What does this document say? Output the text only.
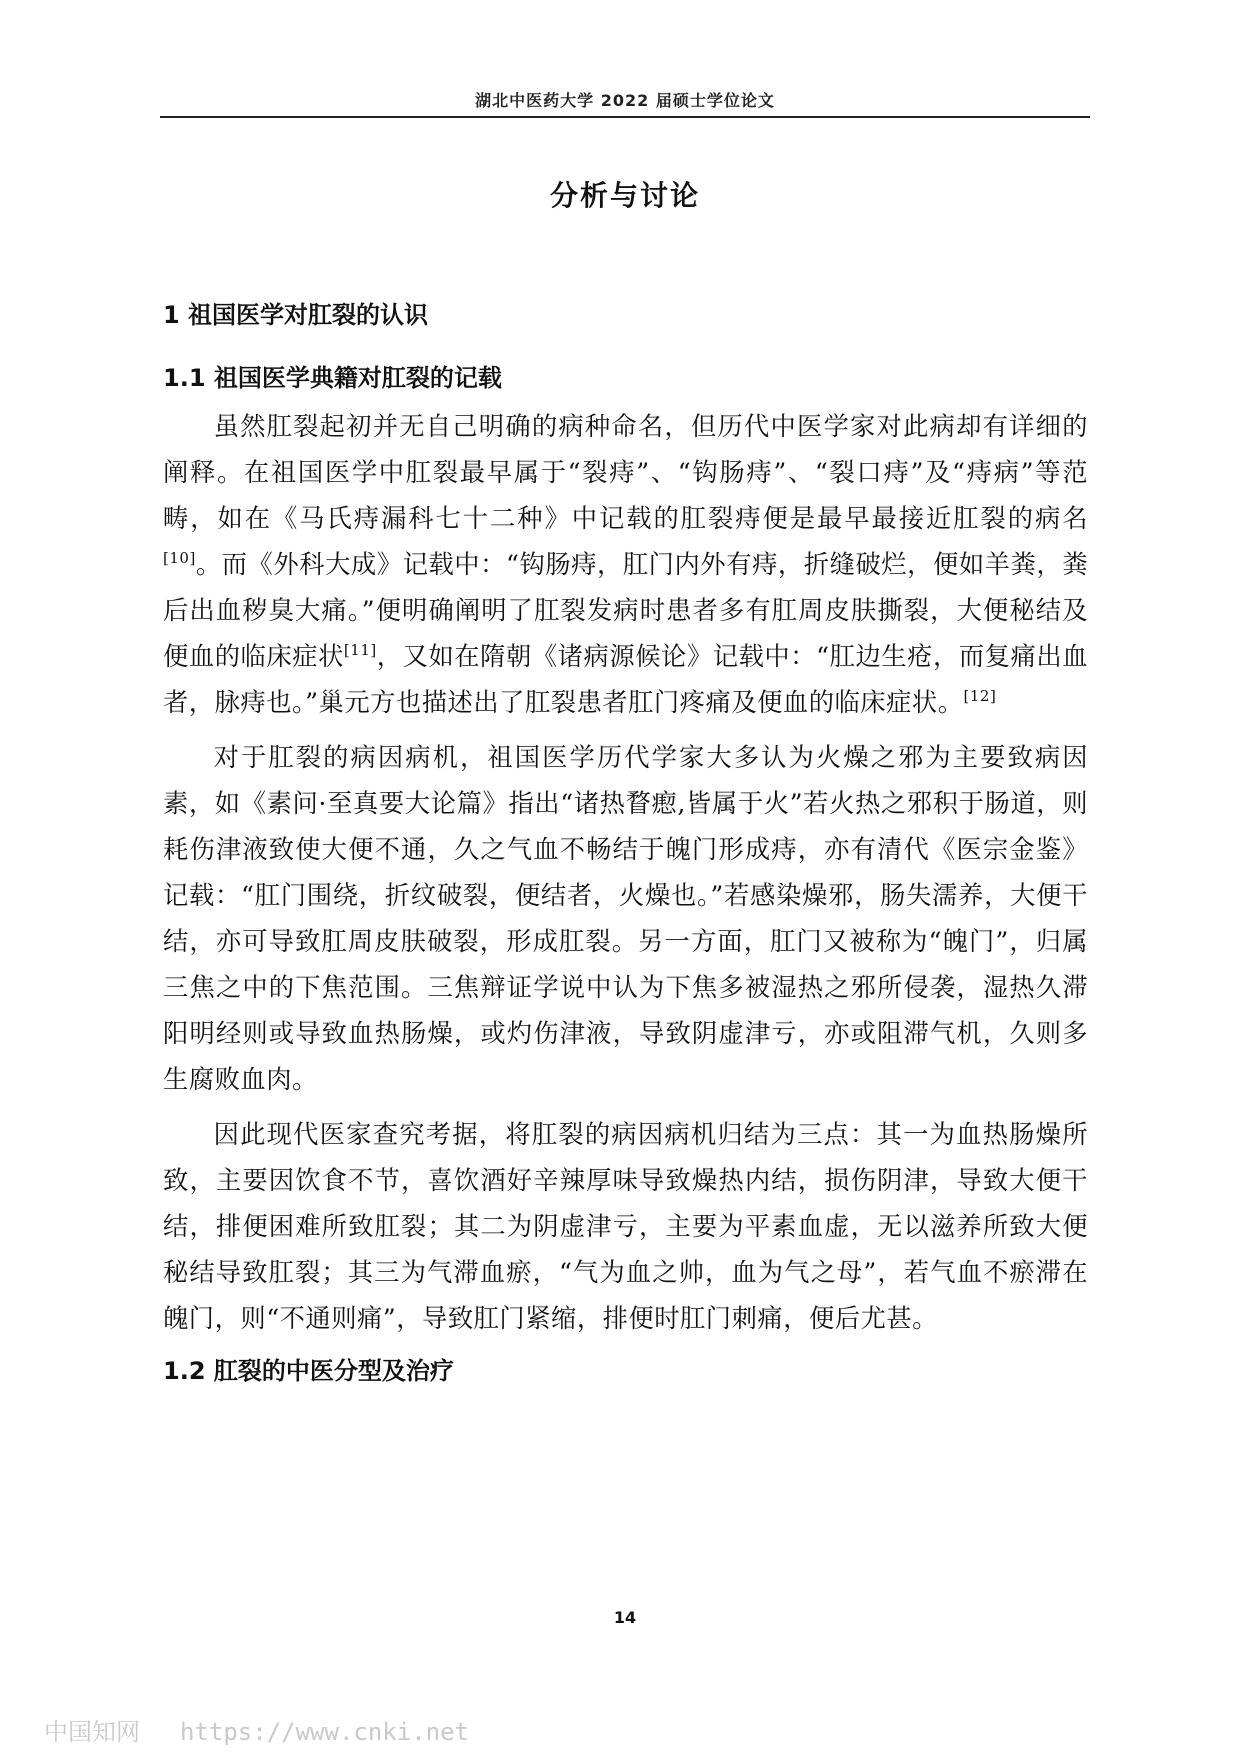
湖北中医药大学 2022 届硕士学位论文
分析与讨论
1 祖国医学对肛裂的认识
1.1 祖国医学典籍对肛裂的记载

虽然肛裂起初并无自己明确的病种命名，但历代中医学家对此病却有详细的阐释。在祖国医学中肛裂最早属于“裂痔”、“钩肠痔”、“裂口痔”及“痔病”等范畴，如在《马氏痔漏科七十二种》中记载的肛裂痔便是最早最接近肛裂的病名[10]。而《外科大成》记载中：“钩肠痔，肛门内外有痔，折缝破烂，便如羊粪，粪后出血秽臭大痛。”便明确阐明了肛裂发病时患者多有肛周皮肤撕裂，大便秘结及便血的临床症状[11]，又如在隋朝《诸病源候论》记载中：“肛边生疮，而复痛出血者，脉痔也。”巢元方也描述出了肛裂患者肛门疼痛及便血的临床症状。[12]

对于肛裂的病因病机，祖国医学历代学家大多认为火燥之邪为主要致病因素，如《素问·至真要大论篇》指出“诸热瞀瘛,皆属于火”若火热之邪积于肠道，则耗伤津液致使大便不通，久之气血不畅结于魄门形成痔，亦有清代《医宗金鉴》记载：“肛门围绕，折纹破裂，便结者，火燥也。”若感染燥邪，肠失濡养，大便干结，亦可导致肛周皮肤破裂，形成肛裂。另一方面，肛门又被称为“魄门”，归属三焦之中的下焦范围。三焦辩证学说中认为下焦多被湿热之邪所侵袭，湿热久滞阳明经则或导致血热肠燥，或灼伤津液，导致阴虚津亏，亦或阻滞气机，久则多生腐败血肉。

因此现代医家查究考据，将肛裂的病因病机归结为三点：其一为血热肠燥所致，主要因饮食不节，喜饮酒好辛辣厚味导致燥热内结，损伤阴津，导致大便干结，排便困难所致肛裂；其二为阴虚津亏，主要为平素血虚，无以滋养所致大便秘结导致肛裂；其三为气滞血瘀，“气为血之帅，血为气之母”，若气血不瘀滞在魄门，则“不通则痛”，导致肛门紧缩，排便时肛门刺痛，便后尤甚。

1.2 肛裂的中医分型及治疗
14
中国知网 https://www.cnki.net
